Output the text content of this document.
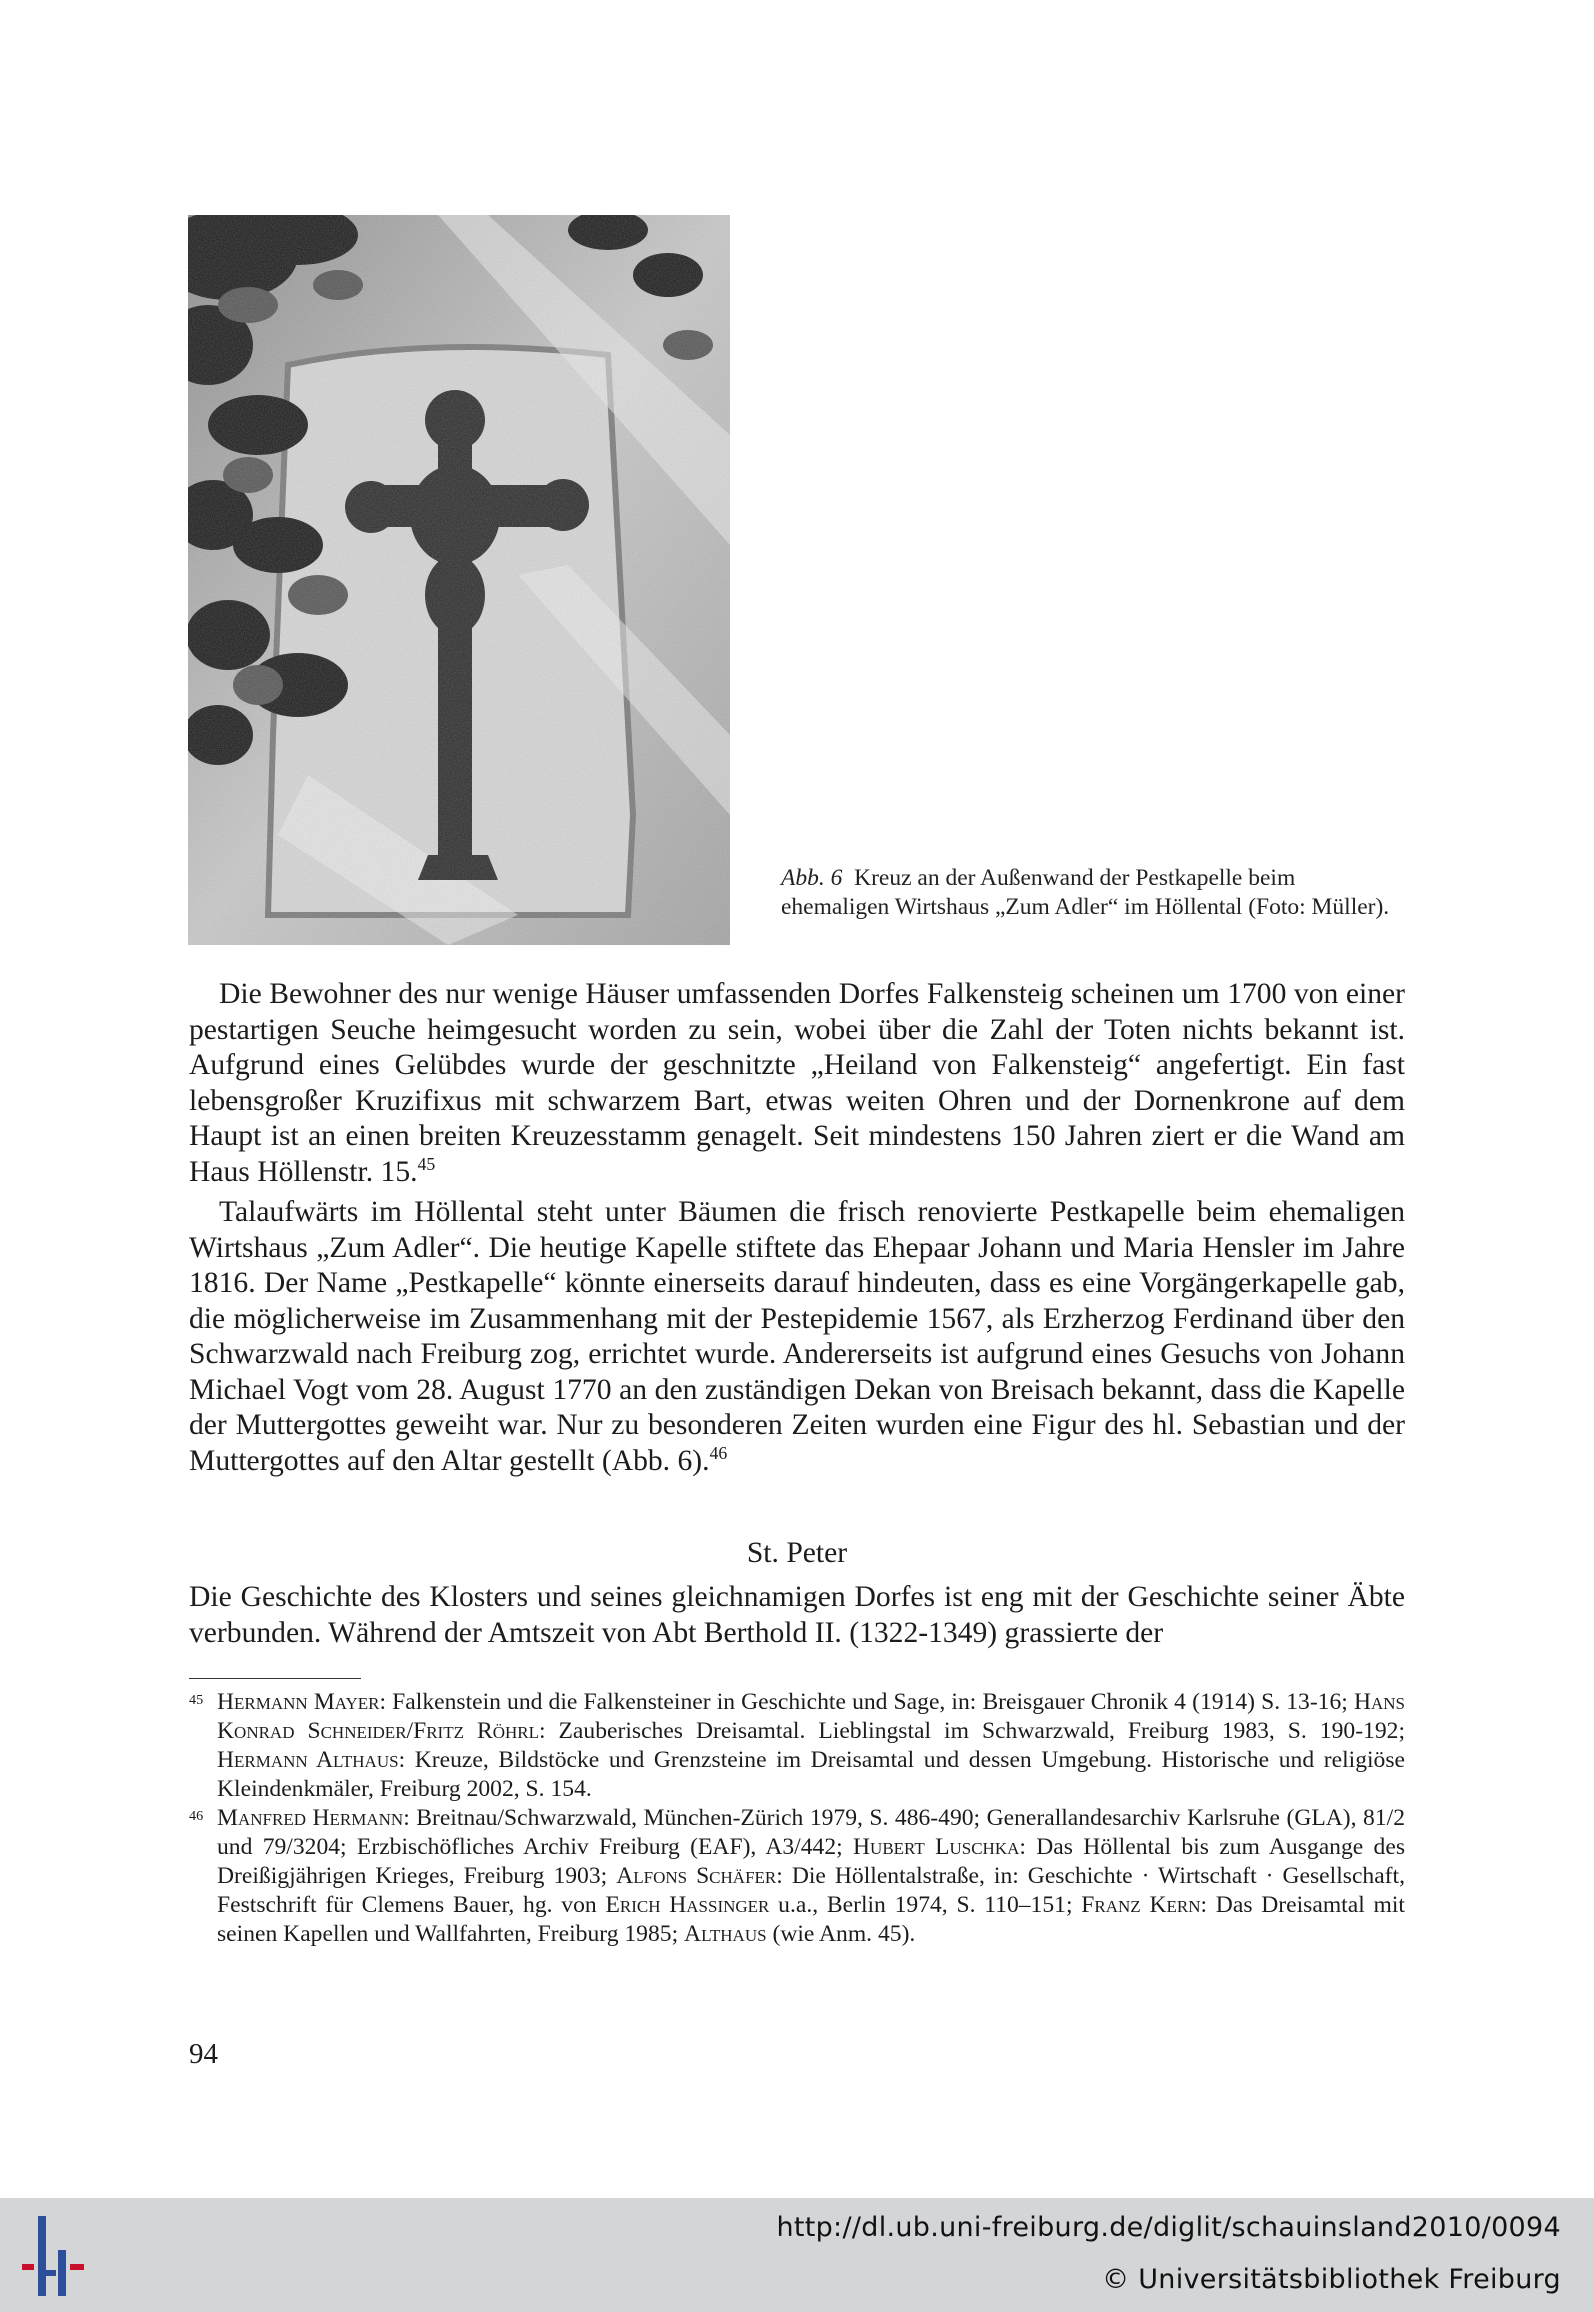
Abb. 6 Kreuz an der Außenwand der Pestkapelle beim ehemaligen Wirtshaus „Zum Adler“ im Höllental (Foto: Müller).

Die Bewohner des nur wenige Häuser umfassenden Dorfes Falkensteig scheinen um 1700 von einer pestartigen Seuche heimgesucht worden zu sein, wobei über die Zahl der Toten nichts bekannt ist. Aufgrund eines Gelübdes wurde der geschnitzte „Heiland von Falkensteig“ angefertigt. Ein fast lebensgroßer Kruzifixus mit schwarzem Bart, etwas weiten Ohren und der Dornenkrone auf dem Haupt ist an einen breiten Kreuzesstamm genagelt. Seit mindestens 150 Jahren ziert er die Wand am Haus Höllenstr. 15.45

Talaufwärts im Höllental steht unter Bäumen die frisch renovierte Pestkapelle beim ehemaligen Wirtshaus „Zum Adler“. Die heutige Kapelle stiftete das Ehepaar Johann und Maria Hensler im Jahre 1816. Der Name „Pestkapelle“ könnte einerseits darauf hindeuten, dass es eine Vorgängerkapelle gab, die möglicherweise im Zusammenhang mit der Pestepidemie 1567, als Erzherzog Ferdinand über den Schwarzwald nach Freiburg zog, errichtet wurde. Andererseits ist aufgrund eines Gesuchs von Johann Michael Vogt vom 28. August 1770 an den zuständigen Dekan von Breisach bekannt, dass die Kapelle der Muttergottes geweiht war. Nur zu besonderen Zeiten wurden eine Figur des hl. Sebastian und der Muttergottes auf den Altar gestellt (Abb. 6).$^{46}$

St. Peter

Die Geschichte des Klosters und seines gleichnamigen Dorfes ist eng mit der Geschichte seiner Äbte verbunden. Während der Amtszeit von Abt Berthold II. (1322-1349) grassierte der

45 Hermann Mayer: Falkenstein und die Falkensteiner in Geschichte und Sage, in: Breisgauer Chronik 4 (1914) S. 13-16; Hans Konrad Schneider/Fritz Röhrl: Zauberisches Dreisamtal. Lieblingstal im Schwarzwald, Freiburg 1983, S. 190-192; Hermann Althaus: Kreuze, Bildstöcke und Grenzsteine im Dreisamtal und dessen Umgebung. Historische und religiöse Kleindenkmäler, Freiburg 2002, S. 154.

46 Manfred Hermann: Breitnau/Schwarzwald, München-Zürich 1979, S. 486-490; Generallandesarchiv Karlsruhe (GLA), 81/2 und 79/3204; Erzbischöfliches Archiv Freiburg (EAF), A3/442; Hubert Luschka: Das Höllental bis zum Ausgange des Dreißigjährigen Krieges, Freiburg 1903; Alfons Schäfer: Die Höllentalstraße, in: Geschichte · Wirtschaft · Gesellschaft, Festschrift für Clemens Bauer, hg. von Erich Hassinger u.a., Berlin 1974, S. 110–151; Franz Kern: Das Dreisamtal mit seinen Kapellen und Wallfahrten, Freiburg 1985; Althaus (wie Anm. 45).

94
http://dl.ub.uni-freiburg.de/diglit/schauinsland2010/0094
© Universitätsbibliothek Freiburg
